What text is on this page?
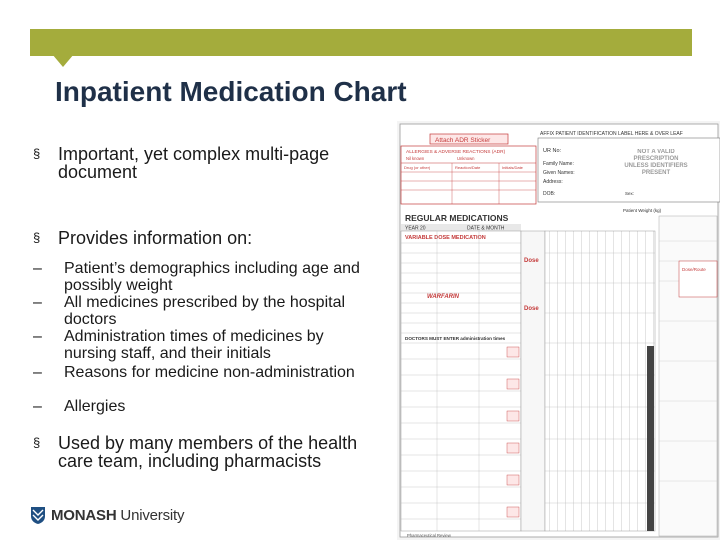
Inpatient Medication Chart
§ Important, yet complex multi-page document
§ Provides information on:
–	Patient’s demographics including age and possibly weight
–	All medicines prescribed by the hospital doctors
–	Administration times of medicines by nursing staff, and their initials
–	Reasons for medicine non-administration
–	Allergies
§ Used by many members of the health care team, including pharmacists
MONASH University
Attach ADR Sticker
ALLERGIES & ADVERSE REACTIONS (ADR)
Nil known	Unknown
Drug (or other)	Reaction/Date	Initials/Date
AFFIX PATIENT IDENTIFICATION LABEL HERE & OVER LEAF
UR No:
Family Name:
Given Names:
Address:
DOB:	Sex:
NOT A VALID PRESCRIPTION UNLESS IDENTIFIERS PRESENT
Patient Weight (kg)
REGULAR MEDICATIONS
YEAR 20	DATE & MONTH
VARIABLE DOSE MEDICATION
WARFARIN
DOCTORS MUST ENTER administration times
Pharmaceutical Review
Dose
Dose
Dose/Route
